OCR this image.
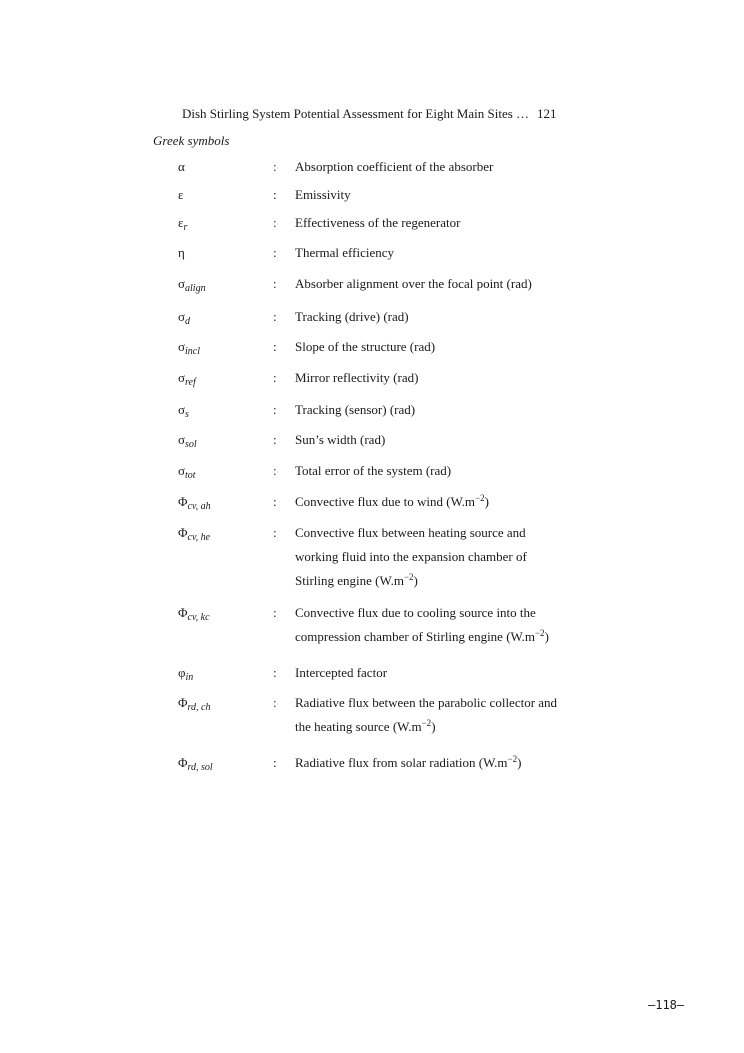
Dish Stirling System Potential Assessment for Eight Main Sites … 121
Greek symbols
α	: Absorption coefficient of the absorber
ε	: Emissivity
$\varepsilon_r$	: Effectiveness of the regenerator
η	: Thermal efficiency
$\sigma_{align}$	: Absorber alignment over the focal point (rad)
$\sigma_d$	: Tracking (drive) (rad)
$\sigma_{incl}$	: Slope of the structure (rad)
$\sigma_{ref}$	: Mirror reflectivity (rad)
$\sigma_s$	: Tracking (sensor) (rad)
$\sigma_{sol}$	: Sun’s width (rad)
$\sigma_{tot}$	: Total error of the system (rad)
$\Phi_{cv, ah}$	: Convective flux due to wind $(W.m^{-2})$
$\Phi_{cv, he}$	: Convective flux between heating source and
working fluid into the expansion chamber of
Stirling engine $(W.m^{-2})$
$\Phi_{cv, kc}$	: Convective flux due to cooling source into the
compression chamber of Stirling engine $(W.m^{-2})$
$\varphi_{in}$	: Intercepted factor
$\Phi_{rd, ch}$	: Radiative flux between the parabolic collector and
the heating source $(W.m^{-2})$
$\Phi_{rd, sol}$	: Radiative flux from solar radiation $(W.m^{-2})$
–118–
